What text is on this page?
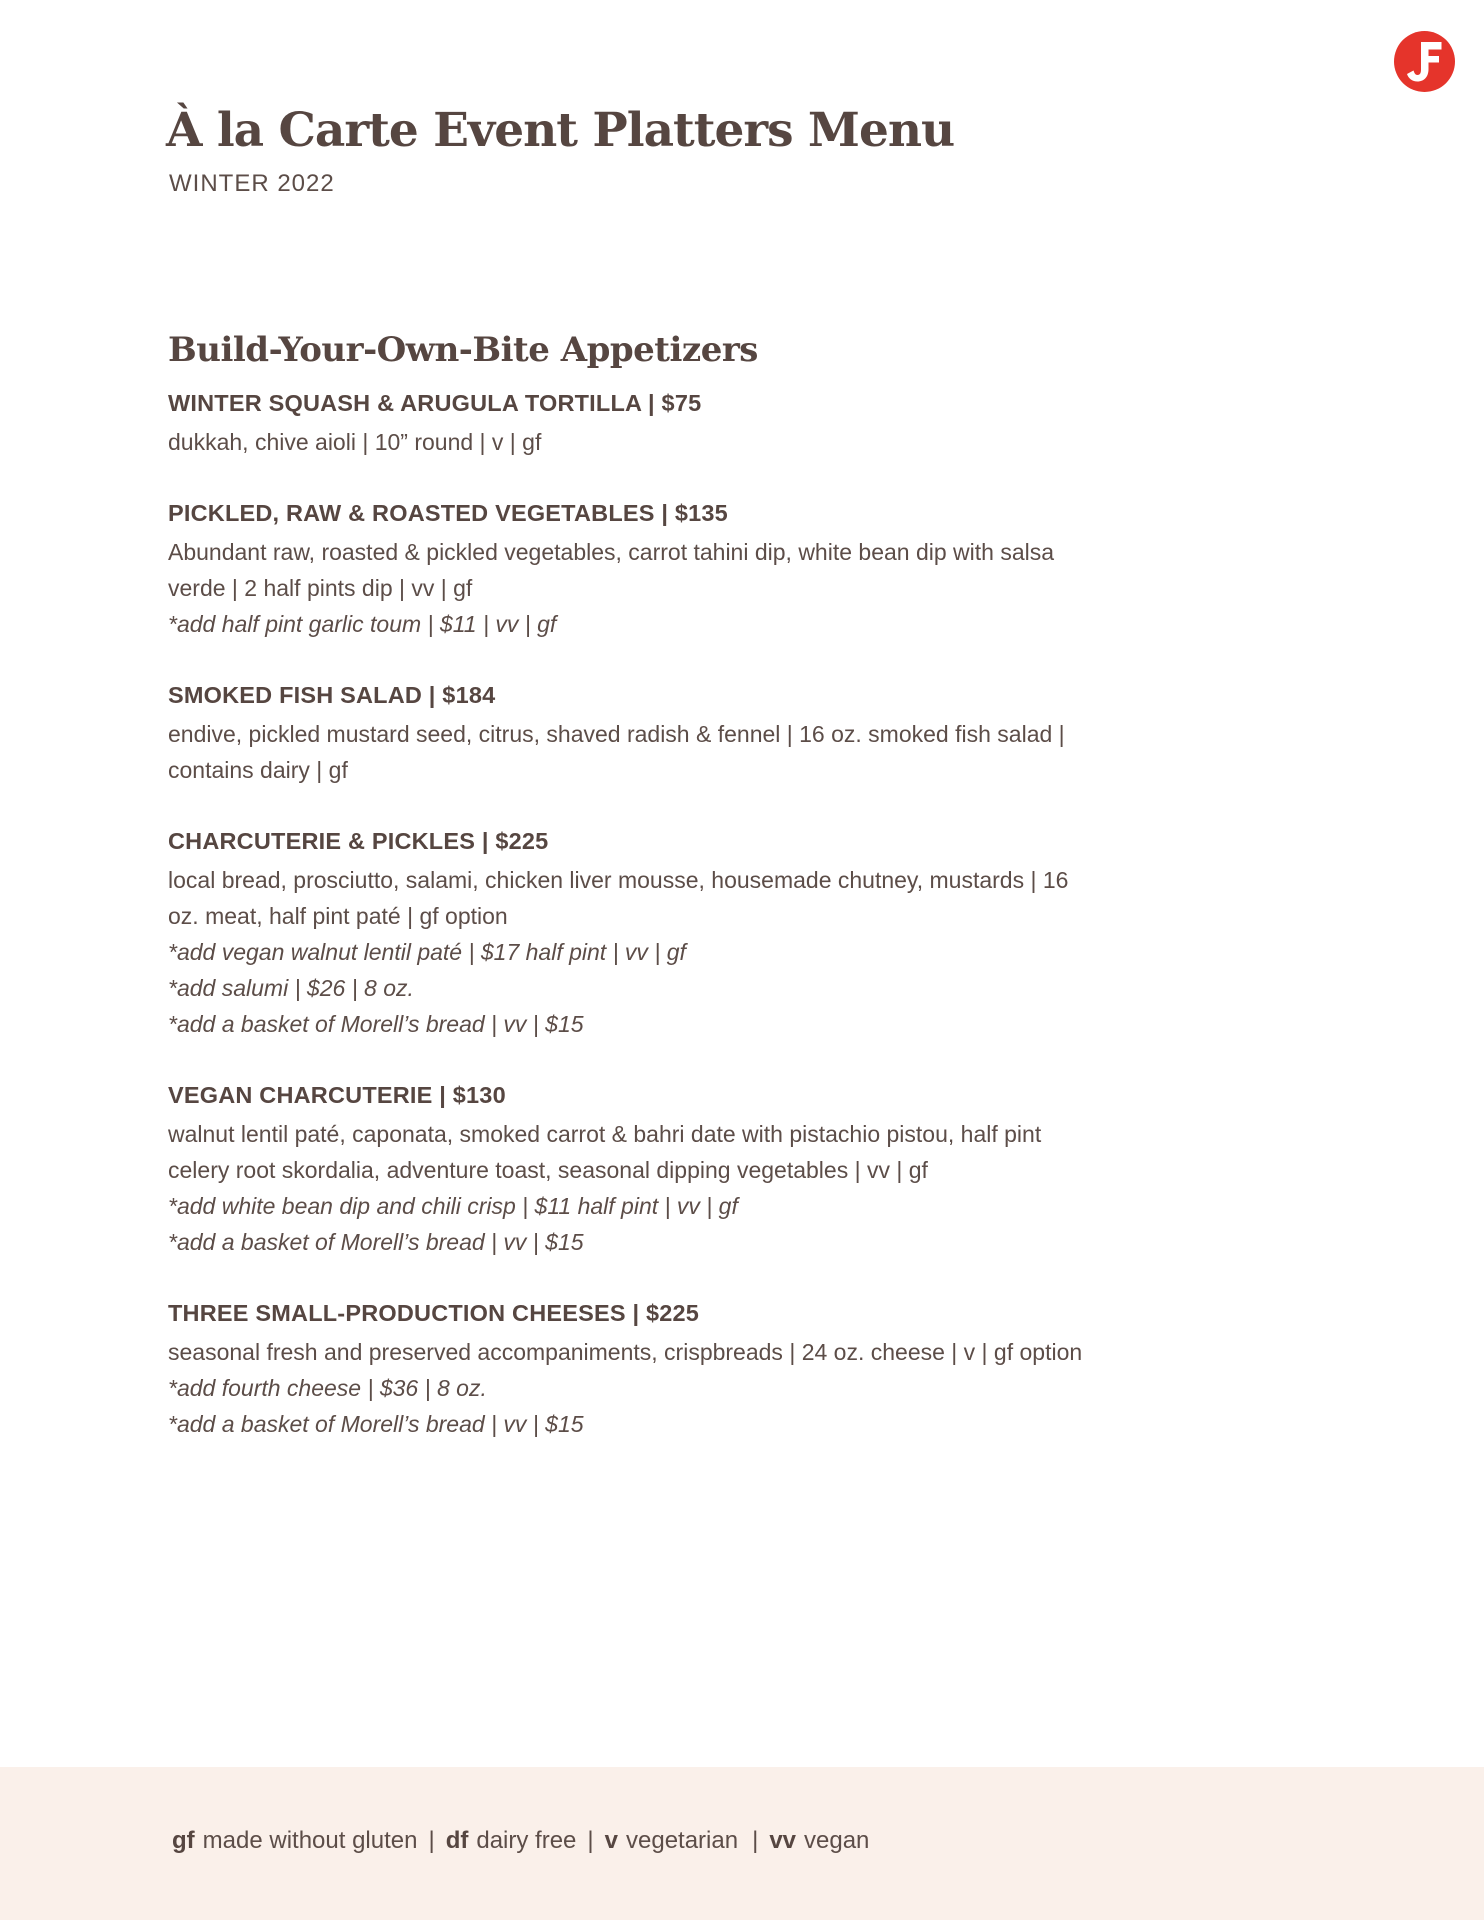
À la Carte Event Platters Menu
WINTER 2022
Build-Your-Own-Bite Appetizers
WINTER SQUASH & ARUGULA TORTILLA | $75
dukkah, chive aioli | 10” round | v | gf
PICKLED, RAW & ROASTED VEGETABLES | $135
Abundant raw, roasted & pickled vegetables, carrot tahini dip, white bean dip with salsa verde | 2 half pints dip | vv | gf
*add half pint garlic toum | $11 | vv | gf
SMOKED FISH SALAD | $184
endive, pickled mustard seed, citrus, shaved radish & fennel | 16 oz. smoked fish salad | contains dairy | gf
CHARCUTERIE & PICKLES | $225
local bread, prosciutto, salami, chicken liver mousse, housemade chutney, mustards | 16 oz. meat, half pint paté | gf option
*add vegan walnut lentil paté | $17 half pint | vv | gf
*add salumi | $26 | 8 oz.
*add a basket of Morell’s bread | vv | $15
VEGAN CHARCUTERIE | $130
walnut lentil paté, caponata, smoked carrot & bahri date with pistachio pistou, half pint celery root skordalia, adventure toast, seasonal dipping vegetables | vv | gf
*add white bean dip and chili crisp | $11 half pint | vv | gf
*add a basket of Morell’s bread | vv | $15
THREE SMALL-PRODUCTION CHEESES | $225
seasonal fresh and preserved accompaniments, crispbreads | 24 oz. cheese | v | gf option
*add fourth cheese | $36 | 8 oz.
*add a basket of Morell’s bread | vv | $15
gf made without gluten | df dairy free | v vegetarian | vv vegan
